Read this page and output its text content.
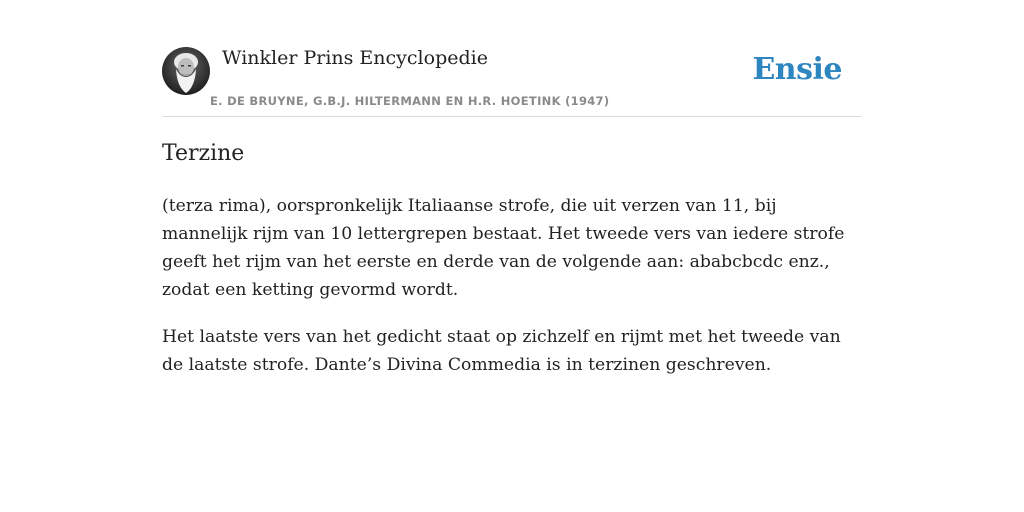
Winkler Prins Encyclopedie
E. DE BRUYNE, G.B.J. HILTERMANN EN H.R. HOETINK (1947)
Ensie
Terzine

(terza rima), oorspronkelijk Italiaanse strofe, die uit verzen van 11, bij mannelijk rijm van 10 lettergrepen bestaat. Het tweede vers van iedere strofe geeft het rijm van het eerste en derde van de volgende aan: ababcbcdc enz., zodat een ketting gevormd wordt.

Het laatste vers van het gedicht staat op zichzelf en rijmt met het tweede van de laatste strofe. Dante’s Divina Commedia is in terzinen geschreven.
